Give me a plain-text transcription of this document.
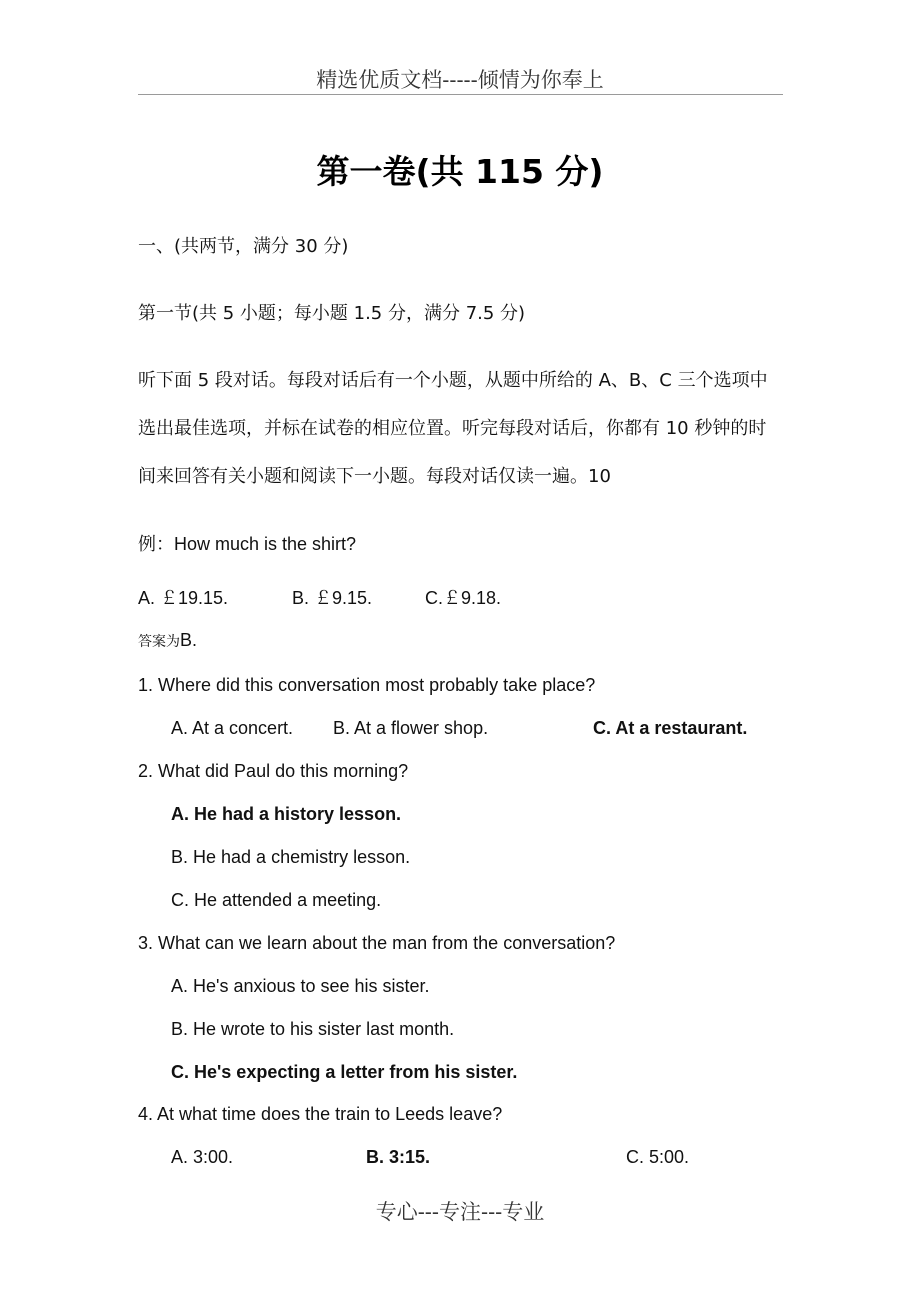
精选优质文档-----倾情为你奉上
第一卷(共 115 分)
一、(共两节，满分 30 分)
第一节(共 5 小题；每小题 1.5 分，满分 7.5 分)
听下面 5 段对话。每段对话后有一个小题，从题中所给的 A、B、C 三个选项中
选出最佳选项，并标在试卷的相应位置。听完每段对话后，你都有 10 秒钟的时
间来回答有关小题和阅读下一小题。每段对话仅读一遍。10
例：How much is the shirt?
A. ￡19.15.	B. ￡9.15.	C.￡9.18.
答案为B.
1. Where did this conversation most probably take place?
A. At a concert. B. At a flower shop.	C. At a restaurant.
2. What did Paul do this morning?
A. He had a history lesson.
B. He had a chemistry lesson.
C. He attended a meeting.
3. What can we learn about the man from the conversation?
A. He's anxious to see his sister.
B. He wrote to his sister last month.
C. He's expecting a letter from his sister.
4. At what time does the train to Leeds leave?
A. 3:00.	B. 3:15.	C. 5:00.
专心---专注---专业
